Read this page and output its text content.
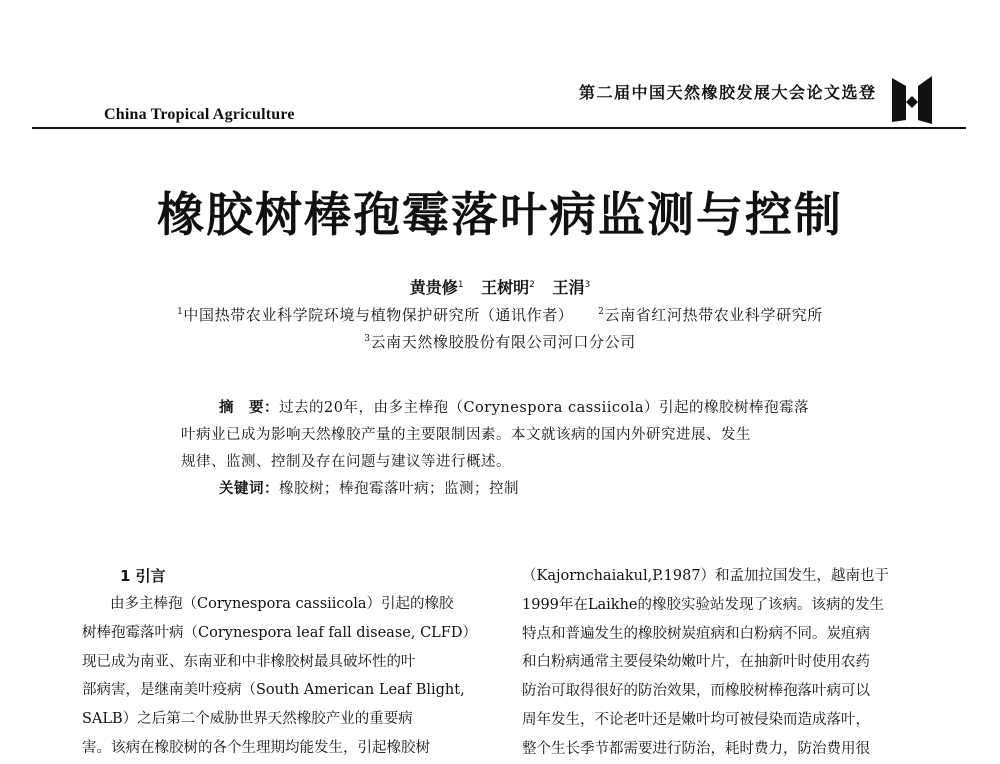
第二届中国天然橡胶发展大会论文选登
China Tropical Agriculture
橡胶树棒孢霉落叶病监测与控制
黄贵修$^1$ 王树明$^2$ 王涓$^3$
$^1$中国热带农业科学院环境与植物保护研究所（通讯作者）	$^2$云南省红河热带农业科学研究所
$^3$云南天然橡胶股份有限公司河口分公司
摘　要：过去的20年，由多主棒孢（Corynespora cassiicola）引起的橡胶树棒孢霉落
叶病业已成为影响天然橡胶产量的主要限制因素。本文就该病的国内外研究进展、发生
规律、监测、控制及存在问题与建议等进行概述。
关键词：橡胶树；棒孢霉落叶病；监测；控制
1 引言
由多主棒孢（Corynespora cassiicola）引起的橡胶
树棒孢霉落叶病（Corynespora leaf fall disease, CLFD）
现已成为南亚、东南亚和中非橡胶树最具破坏性的叶
部病害，是继南美叶疫病（South American Leaf Blight,
SALB）之后第二个威胁世界天然橡胶产业的重要病
害。该病在橡胶树的各个生理期均能发生，引起橡胶树
（Kajornchaiakul,P.1987）和孟加拉国发生，越南也于
1999年在Laikhe的橡胶实验站发现了该病。该病的发生
特点和普遍发生的橡胶树炭疽病和白粉病不同。炭疽病
和白粉病通常主要侵染幼嫩叶片，在抽新叶时使用农药
防治可取得很好的防治效果，而橡胶树棒孢落叶病可以
周年发生，不论老叶还是嫩叶均可被侵染而造成落叶，
整个生长季节都需要进行防治，耗时费力，防治费用很
